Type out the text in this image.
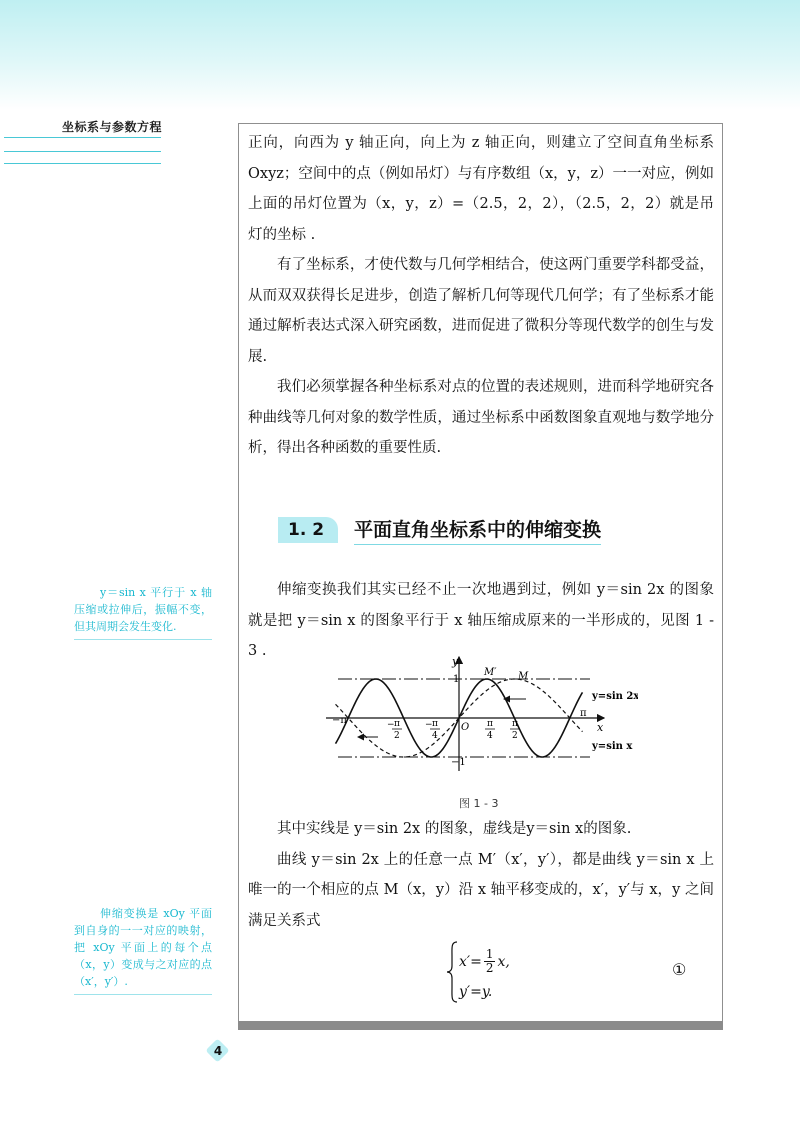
坐标系与参数方程

正向，向西为 y 轴正向，向上为 z 轴正向，则建立了空间直角坐标系 Oxyz；空间中的点（例如吊灯）与有序数组（x，y，z）一一对应，例如上面的吊灯位置为（x，y，z）=（2.5，2，2），（2.5，2，2）就是吊灯的坐标 .

有了坐标系，才使代数与几何学相结合，使这两门重要学科都受益，从而双双获得长足进步，创造了解析几何等现代几何学；有了坐标系才能通过解析表达式深入研究函数，进而促进了微积分等现代数学的创生与发展.

我们必须掌握各种坐标系对点的位置的表述规则，进而科学地研究各种曲线等几何对象的数学性质，通过坐标系中函数图象直观地与数学地分析，得出各种函数的重要性质.

1. 2	平面直角坐标系中的伸缩变换
y＝sin x 平行于 x 轴压缩或拉伸后，振幅不变，但其周期会发生变化.
伸缩变换是 xOy 平面到自身的一一对应的映射，把 xOy 平面上的每个点（x，y）变成与之对应的点（x′，y′）.

伸缩变换我们其实已经不止一次地遇到过，例如 y＝sin 2x 的图象就是把 y＝sin x 的图象平行于 x 轴压缩成原来的一半形成的，见图 1 - 3 .

y
x
O
1
−1
−π	− π
2
− π
4
π
4
π
2
π
M′ M
y=sin 2x
y=sin x
图 1 - 3

其中实线是 y＝sin 2x 的图象，虚线是y＝sin x的图象.

曲线 y＝sin 2x 上的任意一点 M′（x′，y′），都是曲线 y＝sin x 上唯一的一个相应的点 M（x，y）沿 x 轴平移变成的，x′，y′与 x，y 之间满足关系式

$x'= \frac{1}{2} x$,
y′=y.
①
4
